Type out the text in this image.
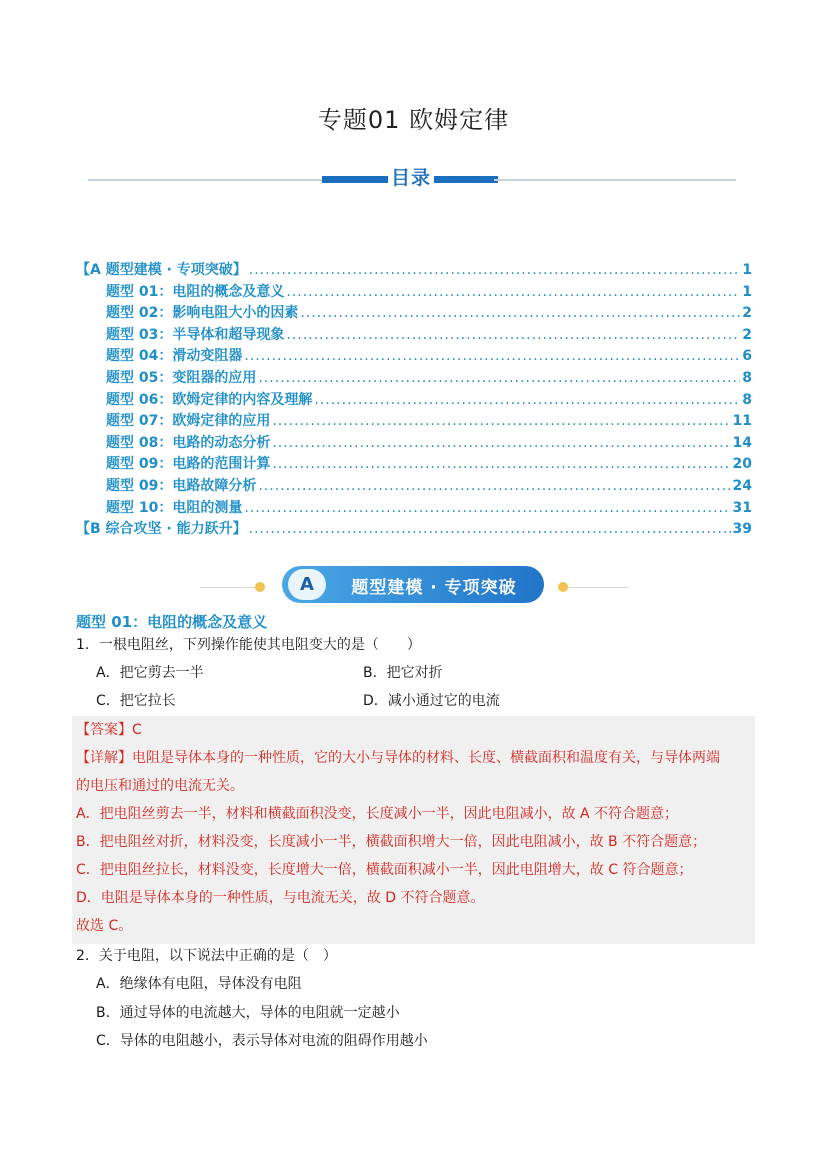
专题01 欧姆定律
目录
【A 题型建模 · 专项突破】 .....	1
题型 01：电阻的概念及意义 .....	1
题型 02：影响电阻大小的因素 .....	2
题型 03：半导体和超导现象 .....	2
题型 04：滑动变阻器 .....	6
题型 05：变阻器的应用 .....	8
题型 06：欧姆定律的内容及理解 .....	8
题型 07：欧姆定律的应用 .....	11
题型 08：电路的动态分析 .....	14
题型 09：电路的范围计算 .....	20
题型 09：电路故障分析 .....	24
题型 10：电阻的测量 .....	31
【B 综合攻坚 · 能力跃升】 .....	39
A	题型建模 · 专项突破
题型 01：电阻的概念及意义
1．一根电阻丝，下列操作能使其电阻变大的是（　　）
A．把它剪去一半	B．把它对折
C．把它拉长	D．减小通过它的电流
【答案】C
【详解】电阻是导体本身的一种性质，它的大小与导体的材料、长度、横截面积和温度有关，与导体两端
的电压和通过的电流无关。
A．把电阻丝剪去一半，材料和横截面积没变，长度减小一半，因此电阻减小，故 A 不符合题意；
B．把电阻丝对折，材料没变，长度减小一半，横截面积增大一倍，因此电阻减小，故 B 不符合题意；
C．把电阻丝拉长，材料没变，长度增大一倍，横截面积减小一半，因此电阻增大，故 C 符合题意；
D．电阻是导体本身的一种性质，与电流无关，故 D 不符合题意。
故选 C。
2．关于电阻，以下说法中正确的是（　）
A．绝缘体有电阻，导体没有电阻
B．通过导体的电流越大，导体的电阻就一定越小
C．导体的电阻越小，表示导体对电流的阻碍作用越小
